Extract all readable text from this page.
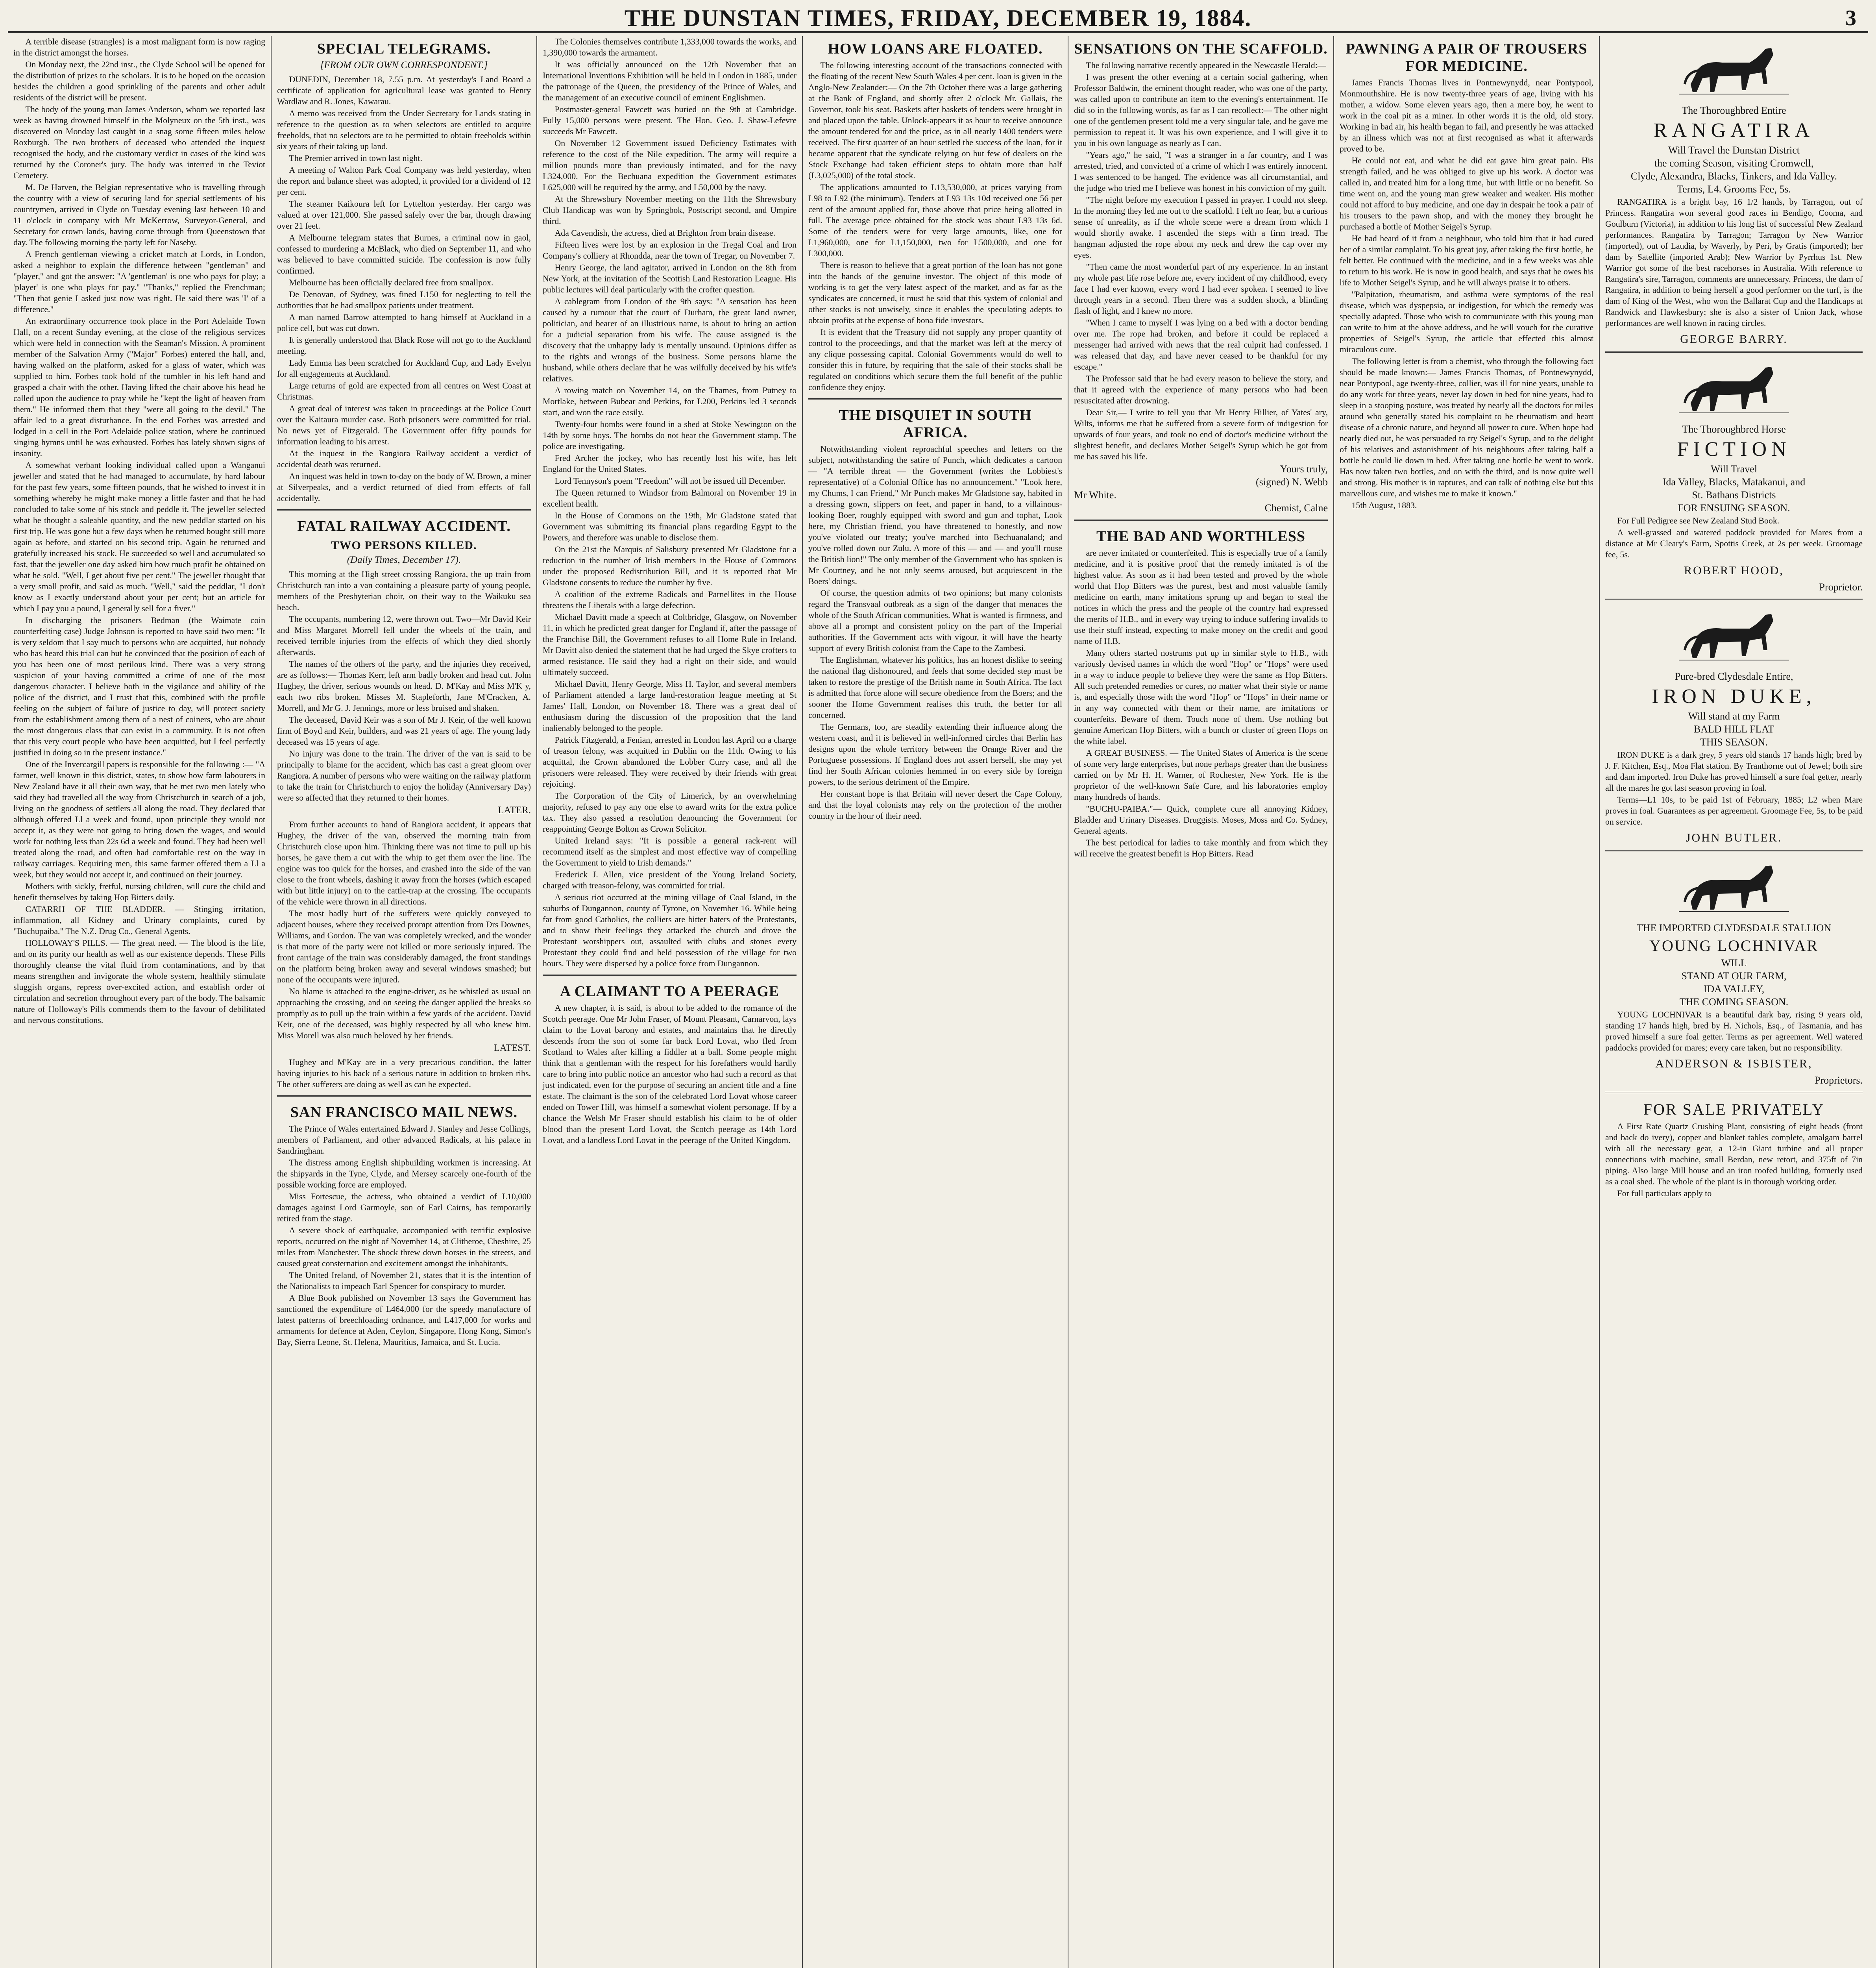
THE DUNSTAN TIMES, FRIDAY, DECEMBER 19, 1884.	3

A terrible disease (strangles) is a most malignant form is now raging in the district amongst the horses.

On Monday next, the 22nd inst., the Clyde School will be opened for the distribution of prizes to the scholars. It is to be hoped on the occasion besides the children a good sprinkling of the parents and other adult residents of the district will be present.

The body of the young man James Anderson, whom we reported last week as having drowned himself in the Molyneux on the 5th inst., was discovered on Monday last caught in a snag some fifteen miles below Roxburgh. The two brothers of deceased who attended the inquest recognised the body, and the customary verdict in cases of the kind was returned by the Coroner's jury. The body was interred in the Teviot Cemetery.

M. De Harven, the Belgian representative who is travelling through the country with a view of securing land for special settlements of his countrymen, arrived in Clyde on Tuesday evening last between 10 and 11 o'clock in company with Mr McKerrow, Surveyor-General, and Secretary for crown lands, having come through from Queenstown that day. The following morning the party left for Naseby.

A French gentleman viewing a cricket match at Lords, in London, asked a neighbor to explain the difference between "gentleman" and "player," and got the answer: "A 'gentleman' is one who pays for play; a 'player' is one who plays for pay." "Thanks," replied the Frenchman; "Then that genie I asked just now was right. He said there was 'I' of a difference."

An extraordinary occurrence took place in the Port Adelaide Town Hall, on a recent Sunday evening, at the close of the religious services which were held in connection with the Seaman's Mission. A prominent member of the Salvation Army ("Major" Forbes) entered the hall, and, having walked on the platform, asked for a glass of water, which was supplied to him. Forbes took hold of the tumbler in his left hand and grasped a chair with the other. Having lifted the chair above his head he called upon the audience to pray while he "kept the light of heaven from them." He informed them that they "were all going to the devil." The affair led to a great disturbance. In the end Forbes was arrested and lodged in a cell in the Port Adelaide police station, where he continued singing hymns until he was exhausted. Forbes has lately shown signs of insanity.

A somewhat verbant looking individual called upon a Wanganui jeweller and stated that he had managed to accumulate, by hard labour for the past few years, some fifteen pounds, that he wished to invest it in something whereby he might make money a little faster and that he had concluded to take some of his stock and peddle it. The jeweller selected what he thought a saleable quantity, and the new peddlar started on his first trip. He was gone but a few days when he returned bought still more again as before, and started on his second trip. Again he returned and gratefully increased his stock. He succeeded so well and accumulated so fast, that the jeweller one day asked him how much profit he obtained on what he sold. "Well, I get about five per cent." The jeweller thought that a very small profit, and said as much. "Well," said the peddlar, "I don't know as I exactly understand about your per cent; but an article for which I pay you a pound, I generally sell for a fiver."

In discharging the prisoners Bedman (the Waimate coin counterfeiting case) Judge Johnson is reported to have said two men: "It is very seldom that I say much to persons who are acquitted, but nobody who has heard this trial can but be convinced that the position of each of you has been one of most perilous kind. There was a very strong suspicion of your having committed a crime of one of the most dangerous character. I believe both in the vigilance and ability of the police of the district, and I trust that this, combined with the profile feeling on the subject of failure of justice to day, will protect society from the establishment among them of a nest of coiners, who are about the most dangerous class that can exist in a community. It is not often that this very court people who have been acquitted, but I feel perfectly justified in doing so in the present instance."

One of the Invercargill papers is responsible for the following :— "A farmer, well known in this district, states, to show how farm labourers in New Zealand have it all their own way, that he met two men lately who said they had travelled all the way from Christchurch in search of a job, living on the goodness of settlers all along the road. They declared that although offered Ll a week and found, upon principle they would not accept it, as they were not going to bring down the wages, and would work for nothing less than 22s 6d a week and found. They had been well treated along the road, and often had comfortable rest on the way in railway carriages. Requiring men, this same farmer offered them a Ll a week, but they would not accept it, and continued on their journey.

Mothers with sickly, fretful, nursing children, will cure the child and benefit themselves by taking Hop Bitters daily.

CATARRH OF THE BLADDER. — Stinging irritation, inflammation, all Kidney and Urinary complaints, cured by "Buchupaiba." The N.Z. Drug Co., General Agents.

HOLLOWAY'S PILLS. — The great need. — The blood is the life, and on its purity our health as well as our existence depends. These Pills thoroughly cleanse the vital fluid from contaminations, and by that means strengthen and invigorate the whole system, healthily stimulate sluggish organs, repress over-excited action, and establish order of circulation and secretion throughout every part of the body. The balsamic nature of Holloway's Pills commends them to the favour of debilitated and nervous constitutions.

SPECIAL TELEGRAMS.
[FROM OUR OWN CORRESPONDENT.]

DUNEDIN, December 18, 7.55 p.m. At yesterday's Land Board a certificate of application for agricultural lease was granted to Henry Wardlaw and R. Jones, Kawarau.

A memo was received from the Under Secretary for Lands stating in reference to the question as to when selectors are entitled to acquire freeholds, that no selectors are to be permitted to obtain freeholds within six years of their taking up land.

The Premier arrived in town last night.

A meeting of Walton Park Coal Company was held yesterday, when the report and balance sheet was adopted, it provided for a dividend of 12 per cent.

The steamer Kaikoura left for Lyttelton yesterday. Her cargo was valued at over 121,000. She passed safely over the bar, though drawing over 21 feet.

A Melbourne telegram states that Burnes, a criminal now in gaol, confessed to murdering a McBlack, who died on September 11, and who was believed to have committed suicide. The confession is now fully confirmed.

Melbourne has been officially declared free from smallpox.

De Denovan, of Sydney, was fined L150 for neglecting to tell the authorities that he had smallpox patients under treatment.

A man named Barrow attempted to hang himself at Auckland in a police cell, but was cut down.

It is generally understood that Black Rose will not go to the Auckland meeting.

Lady Emma has been scratched for Auckland Cup, and Lady Evelyn for all engagements at Auckland.

Large returns of gold are expected from all centres on West Coast at Christmas.

A great deal of interest was taken in proceedings at the Police Court over the Kaitaura murder case. Both prisoners were committed for trial. No news yet of Fitzgerald. The Government offer fifty pounds for information leading to his arrest.

At the inquest in the Rangiora Railway accident a verdict of accidental death was returned.

An inquest was held in town to-day on the body of W. Brown, a miner at Silverpeaks, and a verdict returned of died from effects of fall accidentally.

FATAL RAILWAY ACCIDENT.
TWO PERSONS KILLED.
(Daily Times, December 17).

This morning at the High street crossing Rangiora, the up train from Christchurch ran into a van containing a pleasure party of young people, members of the Presbyterian choir, on their way to the Waikuku sea beach.

The occupants, numbering 12, were thrown out. Two—Mr David Keir and Miss Margaret Morrell fell under the wheels of the train, and received terrible injuries from the effects of which they died shortly afterwards.

The names of the others of the party, and the injuries they received, are as follows:— Thomas Kerr, left arm badly broken and head cut. John Hughey, the driver, serious wounds on head. D. M'Kay and Miss M'K y, each two ribs broken. Misses M. Stapleforth, Jane M'Cracken, A. Morrell, and Mr G. J. Jennings, more or less bruised and shaken.

The deceased, David Keir was a son of Mr J. Keir, of the well known firm of Boyd and Keir, builders, and was 21 years of age. The young lady deceased was 15 years of age.

No injury was done to the train. The driver of the van is said to be principally to blame for the accident, which has cast a great gloom over Rangiora. A number of persons who were waiting on the railway platform to take the train for Christchurch to enjoy the holiday (Anniversary Day) were so affected that they returned to their homes.

LATER.

From further accounts to hand of Rangiora accident, it appears that Hughey, the driver of the van, observed the morning train from Christchurch close upon him. Thinking there was not time to pull up his horses, he gave them a cut with the whip to get them over the line. The engine was too quick for the horses, and crashed into the side of the van close to the front wheels, dashing it away from the horses (which escaped with but little injury) on to the cattle-trap at the crossing. The occupants of the vehicle were thrown in all directions.

The most badly hurt of the sufferers were quickly conveyed to adjacent houses, where they received prompt attention from Drs Downes, Williams, and Gordon. The van was completely wrecked, and the wonder is that more of the party were not killed or more seriously injured. The front carriage of the train was considerably damaged, the front standings on the platform being broken away and several windows smashed; but none of the occupants were injured.

No blame is attached to the engine-driver, as he whistled as usual on approaching the crossing, and on seeing the danger applied the breaks so promptly as to pull up the train within a few yards of the accident. David Keir, one of the deceased, was highly respected by all who knew him. Miss Morell was also much beloved by her friends.

LATEST.

Hughey and M'Kay are in a very precarious condition, the latter having injuries to his back of a serious nature in addition to broken ribs. The other sufferers are doing as well as can be expected.

SAN FRANCISCO MAIL NEWS.

The Prince of Wales entertained Edward J. Stanley and Jesse Collings, members of Parliament, and other advanced Radicals, at his palace in Sandringham.

The distress among English shipbuilding workmen is increasing. At the shipyards in the Tyne, Clyde, and Mersey scarcely one-fourth of the possible working force are employed.

Miss Fortescue, the actress, who obtained a verdict of L10,000 damages against Lord Garmoyle, son of Earl Cairns, has temporarily retired from the stage.

A severe shock of earthquake, accompanied with terrific explosive reports, occurred on the night of November 14, at Clitheroe, Cheshire, 25 miles from Manchester. The shock threw down horses in the streets, and caused great consternation and excitement amongst the inhabitants.

The United Ireland, of November 21, states that it is the intention of the Nationalists to impeach Earl Spencer for conspiracy to murder.

A Blue Book published on November 13 says the Government has sanctioned the expenditure of L464,000 for the speedy manufacture of latest patterns of breechloading ordnance, and L417,000 for works and armaments for defence at Aden, Ceylon, Singapore, Hong Kong, Simon's Bay, Sierra Leone, St. Helena, Mauritius, Jamaica, and St. Lucia.

The Colonies themselves contribute 1,333,000 towards the works, and 1,390,000 towards the armament.

It was officially announced on the 12th November that an International Inventions Exhibition will be held in London in 1885, under the patronage of the Queen, the presidency of the Prince of Wales, and the management of an executive council of eminent Englishmen.

Postmaster-general Fawcett was buried on the 9th at Cambridge. Fully 15,000 persons were present. The Hon. Geo. J. Shaw-Lefevre succeeds Mr Fawcett.

On November 12 Government issued Deficiency Estimates with reference to the cost of the Nile expedition. The army will require a million pounds more than previously intimated, and for the navy L324,000. For the Bechuana expedition the Government estimates L625,000 will be required by the army, and L50,000 by the navy.

At the Shrewsbury November meeting on the 11th the Shrewsbury Club Handicap was won by Springbok, Postscript second, and Umpire third.

Ada Cavendish, the actress, died at Brighton from brain disease.

Fifteen lives were lost by an explosion in the Tregal Coal and Iron Company's colliery at Rhondda, near the town of Tregar, on November 7.

Henry George, the land agitator, arrived in London on the 8th from New York, at the invitation of the Scottish Land Restoration League. His public lectures will deal particularly with the crofter question.

A cablegram from London of the 9th says: "A sensation has been caused by a rumour that the court of Durham, the great land owner, politician, and bearer of an illustrious name, is about to bring an action for a judicial separation from his wife. The cause assigned is the discovery that the unhappy lady is mentally unsound. Opinions differ as to the rights and wrongs of the business. Some persons blame the husband, while others declare that he was wilfully deceived by his wife's relatives.

A rowing match on November 14, on the Thames, from Putney to Mortlake, between Bubear and Perkins, for L200, Perkins led 3 seconds start, and won the race easily.

Twenty-four bombs were found in a shed at Stoke Newington on the 14th by some boys. The bombs do not bear the Government stamp. The police are investigating.

Fred Archer the jockey, who has recently lost his wife, has left England for the United States.

Lord Tennyson's poem "Freedom" will not be issued till December.

The Queen returned to Windsor from Balmoral on November 19 in excellent health.

In the House of Commons on the 19th, Mr Gladstone stated that Government was submitting its financial plans regarding Egypt to the Powers, and therefore was unable to disclose them.

On the 21st the Marquis of Salisbury presented Mr Gladstone for a reduction in the number of Irish members in the House of Commons under the proposed Redistribution Bill, and it is reported that Mr Gladstone consents to reduce the number by five.

A coalition of the extreme Radicals and Parnellites in the House threatens the Liberals with a large defection.

Michael Davitt made a speech at Coltbridge, Glasgow, on November 11, in which he predicted great danger for England if, after the passage of the Franchise Bill, the Government refuses to all Home Rule in Ireland. Mr Davitt also denied the statement that he had urged the Skye crofters to armed resistance. He said they had a right on their side, and would ultimately succeed.

Michael Davitt, Henry George, Miss H. Taylor, and several members of Parliament attended a large land-restoration league meeting at St James' Hall, London, on November 18. There was a great deal of enthusiasm during the discussion of the proposition that the land inalienably belonged to the people.

Patrick Fitzgerald, a Fenian, arrested in London last April on a charge of treason felony, was acquitted in Dublin on the 11th. Owing to his acquittal, the Crown abandoned the Lobber Curry case, and all the prisoners were released. They were received by their friends with great rejoicing.

The Corporation of the City of Limerick, by an overwhelming majority, refused to pay any one else to award writs for the extra police tax. They also passed a resolution denouncing the Government for reappointing George Bolton as Crown Solicitor.

United Ireland says: "It is possible a general rack-rent will recommend itself as the simplest and most effective way of compelling the Government to yield to Irish demands."

Frederick J. Allen, vice president of the Young Ireland Society, charged with treason-felony, was committed for trial.

A serious riot occurred at the mining village of Coal Island, in the suburbs of Dungannon, county of Tyrone, on November 16. While being far from good Catholics, the colliers are bitter haters of the Protestants, and to show their feelings they attacked the church and drove the Protestant worshippers out, assaulted with clubs and stones every Protestant they could find and held possession of the village for two hours. They were dispersed by a police force from Dungannon.

A CLAIMANT TO A PEERAGE

A new chapter, it is said, is about to be added to the romance of the Scotch peerage. One Mr John Fraser, of Mount Pleasant, Carnarvon, lays claim to the Lovat barony and estates, and maintains that he directly descends from the son of some far back Lord Lovat, who fled from Scotland to Wales after killing a fiddler at a ball. Some people might think that a gentleman with the respect for his forefathers would hardly care to bring into public notice an ancestor who had such a record as that just indicated, even for the purpose of securing an ancient title and a fine estate. The claimant is the son of the celebrated Lord Lovat whose career ended on Tower Hill, was himself a somewhat violent personage. If by a chance the Welsh Mr Fraser should establish his claim to be of older blood than the present Lord Lovat, the Scotch peerage as 14th Lord Lovat, and a landless Lord Lovat in the peerage of the United Kingdom.

HOW LOANS ARE FLOATED.

The following interesting account of the transactions connected with the floating of the recent New South Wales 4 per cent. loan is given in the Anglo-New Zealander:— On the 7th October there was a large gathering at the Bank of England, and shortly after 2 o'clock Mr. Gallais, the Governor, took his seat. Baskets after baskets of tenders were brought in and placed upon the table. Unlock-appears it as hour to receive announce the amount tendered for and the price, as in all nearly 1400 tenders were received. The first quarter of an hour settled the success of the loan, for it became apparent that the syndicate relying on but few of dealers on the Stock Exchange had taken efficient steps to obtain more than half (L3,025,000) of the total stock.

The applications amounted to L13,530,000, at prices varying from L98 to L92 (the minimum). Tenders at L93 13s 10d received one 56 per cent of the amount applied for, those above that price being allotted in full. The average price obtained for the stock was about L93 13s 6d. Some of the tenders were for very large amounts, like, one for L1,960,000, one for L1,150,000, two for L500,000, and one for L300,000.

There is reason to believe that a great portion of the loan has not gone into the hands of the genuine investor. The object of this mode of working is to get the very latest aspect of the market, and as far as the syndicates are concerned, it must be said that this system of colonial and other stocks is not unwisely, since it enables the speculating adepts to obtain profits at the expense of bona fide investors.

It is evident that the Treasury did not supply any proper quantity of control to the proceedings, and that the market was left at the mercy of any clique possessing capital. Colonial Governments would do well to consider this in future, by requiring that the sale of their stocks shall be regulated on conditions which secure them the full benefit of the public confidence they enjoy.

THE DISQUIET IN SOUTH AFRICA.

Notwithstanding violent reproachful speeches and letters on the subject, notwithstanding the satire of Punch, which dedicates a cartoon — "A terrible threat — the Government (writes the Lobbiest's representative) of a Colonial Office has no announcement." "Look here, my Chums, I can Friend," Mr Punch makes Mr Gladstone say, habited in a dressing gown, slippers on feet, and paper in hand, to a villainous-looking Boer, roughly equipped with sword and gun and tophat, Look here, my Christian friend, you have threatened to honestly, and now you've violated our treaty; you've marched into Bechuanaland; and you've rolled down our Zulu. A more of this — and — and you'll rouse the British lion!" The only member of the Government who has spoken is Mr Courtney, and he not only seems aroused, but acquiescent in the Boers' doings.

Of course, the question admits of two opinions; but many colonists regard the Transvaal outbreak as a sign of the danger that menaces the whole of the South African communities. What is wanted is firmness, and above all a prompt and consistent policy on the part of the Imperial authorities. If the Government acts with vigour, it will have the hearty support of every British colonist from the Cape to the Zambesi.

The Englishman, whatever his politics, has an honest dislike to seeing the national flag dishonoured, and feels that some decided step must be taken to restore the prestige of the British name in South Africa. The fact is admitted that force alone will secure obedience from the Boers; and the sooner the Home Government realises this truth, the better for all concerned.

The Germans, too, are steadily extending their influence along the western coast, and it is believed in well-informed circles that Berlin has designs upon the whole territory between the Orange River and the Portuguese possessions. If England does not assert herself, she may yet find her South African colonies hemmed in on every side by foreign powers, to the serious detriment of the Empire.

Her constant hope is that Britain will never desert the Cape Colony, and that the loyal colonists may rely on the protection of the mother country in the hour of their need.

SENSATIONS ON THE SCAFFOLD.

The following narrative recently appeared in the Newcastle Herald:—

I was present the other evening at a certain social gathering, when Professor Baldwin, the eminent thought reader, who was one of the party, was called upon to contribute an item to the evening's entertainment. He did so in the following words, as far as I can recollect:— The other night one of the gentlemen present told me a very singular tale, and he gave me permission to repeat it. It was his own experience, and I will give it to you in his own language as nearly as I can.

"Years ago," he said, "I was a stranger in a far country, and I was arrested, tried, and convicted of a crime of which I was entirely innocent. I was sentenced to be hanged. The evidence was all circumstantial, and the judge who tried me I believe was honest in his conviction of my guilt.

"The night before my execution I passed in prayer. I could not sleep. In the morning they led me out to the scaffold. I felt no fear, but a curious sense of unreality, as if the whole scene were a dream from which I would shortly awake. I ascended the steps with a firm tread. The hangman adjusted the rope about my neck and drew the cap over my eyes.

"Then came the most wonderful part of my experience. In an instant my whole past life rose before me, every incident of my childhood, every face I had ever known, every word I had ever spoken. I seemed to live through years in a second. Then there was a sudden shock, a blinding flash of light, and I knew no more.

"When I came to myself I was lying on a bed with a doctor bending over me. The rope had broken, and before it could be replaced a messenger had arrived with news that the real culprit had confessed. I was released that day, and have never ceased to be thankful for my escape."

The Professor said that he had every reason to believe the story, and that it agreed with the experience of many persons who had been resuscitated after drowning.

Dear Sir,— I write to tell you that Mr Henry Hillier, of Yates' ary, Wilts, informs me that he suffered from a severe form of indigestion for upwards of four years, and took no end of doctor's medicine without the slightest benefit, and declares Mother Seigel's Syrup which he got from me has saved his life.

Yours truly,
(signed) N. Webb
Mr White.
Chemist, Calne
THE BAD AND WORTHLESS

are never imitated or counterfeited. This is especially true of a family medicine, and it is positive proof that the remedy imitated is of the highest value. As soon as it had been tested and proved by the whole world that Hop Bitters was the purest, best and most valuable family medicine on earth, many imitations sprung up and began to steal the notices in which the press and the people of the country had expressed the merits of H.B., and in every way trying to induce suffering invalids to use their stuff instead, expecting to make money on the credit and good name of H.B.

Many others started nostrums put up in similar style to H.B., with variously devised names in which the word "Hop" or "Hops" were used in a way to induce people to believe they were the same as Hop Bitters. All such pretended remedies or cures, no matter what their style or name is, and especially those with the word "Hop" or "Hops" in their name or in any way connected with them or their name, are imitations or counterfeits. Beware of them. Touch none of them. Use nothing but genuine American Hop Bitters, with a bunch or cluster of green Hops on the white label.

A GREAT BUSINESS. — The United States of America is the scene of some very large enterprises, but none perhaps greater than the business carried on by Mr H. H. Warner, of Rochester, New York. He is the proprietor of the well-known Safe Cure, and his laboratories employ many hundreds of hands.

"BUCHU-PAIBA."— Quick, complete cure all annoying Kidney, Bladder and Urinary Diseases. Druggists. Moses, Moss and Co. Sydney, General agents.

The best periodical for ladies to take monthly and from which they will receive the greatest benefit is Hop Bitters. Read

PAWNING A PAIR OF TROUSERS FOR MEDICINE.

James Francis Thomas lives in Pontnewynydd, near Pontypool, Monmouthshire. He is now twenty-three years of age, living with his mother, a widow. Some eleven years ago, then a mere boy, he went to work in the coal pit as a miner. In other words it is the old, old story. Working in bad air, his health began to fail, and presently he was attacked by an illness which was not at first recognised as what it afterwards proved to be.

He could not eat, and what he did eat gave him great pain. His strength failed, and he was obliged to give up his work. A doctor was called in, and treated him for a long time, but with little or no benefit. So time went on, and the young man grew weaker and weaker. His mother could not afford to buy medicine, and one day in despair he took a pair of his trousers to the pawn shop, and with the money they brought he purchased a bottle of Mother Seigel's Syrup.

He had heard of it from a neighbour, who told him that it had cured her of a similar complaint. To his great joy, after taking the first bottle, he felt better. He continued with the medicine, and in a few weeks was able to return to his work. He is now in good health, and says that he owes his life to Mother Seigel's Syrup, and he will always praise it to others.

"Palpitation, rheumatism, and asthma were symptoms of the real disease, which was dyspepsia, or indigestion, for which the remedy was specially adapted. Those who wish to communicate with this young man can write to him at the above address, and he will vouch for the curative properties of Seigel's Syrup, the article that effected this almost miraculous cure.

The following letter is from a chemist, who through the following fact should be made known:— James Francis Thomas, of Pontnewynydd, near Pontypool, age twenty-three, collier, was ill for nine years, unable to do any work for three years, never lay down in bed for nine years, had to sleep in a stooping posture, was treated by nearly all the doctors for miles around who generally stated his complaint to be rheumatism and heart disease of a chronic nature, and beyond all power to cure. When hope had nearly died out, he was persuaded to try Seigel's Syrup, and to the delight of his relatives and astonishment of his neighbours after taking half a bottle he could lie down in bed. After taking one bottle he went to work. Has now taken two bottles, and on with the third, and is now quite well and strong. His mother is in raptures, and can talk of nothing else but this marvellous cure, and wishes me to make it known."

15th August, 1883.

The Thoroughbred Entire
RANGATIRA
Will Travel the Dunstan District
the coming Season, visiting Cromwell,
Clyde, Alexandra, Blacks, Tinkers, and Ida Valley.
Terms, L4. Grooms Fee, 5s.

RANGATIRA is a bright bay, 16 1/2 hands, by Tarragon, out of Princess. Rangatira won several good races in Bendigo, Cooma, and Goulburn (Victoria), in addition to his long list of successful New Zealand performances. Rangatira by Tarragon; Tarragon by New Warrior (imported), out of Laudia, by Waverly, by Peri, by Gratis (imported); her dam by Satellite (imported Arab); New Warrior by Pyrrhus 1st. New Warrior got some of the best racehorses in Australia. With reference to Rangatira's sire, Tarragon, comments are unnecessary. Princess, the dam of Rangatira, in addition to being herself a good performer on the turf, is the dam of King of the West, who won the Ballarat Cup and the Handicaps at Randwick and Hawkesbury; she is also a sister of Union Jack, whose performances are well known in racing circles.

GEORGE BARRY.
The Thoroughbred Horse
FICTION
Will Travel
Ida Valley, Blacks, Matakanui, and
St. Bathans Districts
FOR ENSUING SEASON.

For Full Pedigree see New Zealand Stud Book.

A well-grassed and watered paddock provided for Mares from a distance at Mr Cleary's Farm, Spottis Creek, at 2s per week. Groomage fee, 5s.

ROBERT HOOD,
Proprietor.
Pure-bred Clydesdale Entire,
IRON DUKE,
Will stand at my Farm
BALD HILL FLAT
THIS SEASON.

IRON DUKE is a dark grey, 5 years old stands 17 hands high; bred by J. F. Kitchen, Esq., Moa Flat station. By Tranthorne out of Jewel; both sire and dam imported. Iron Duke has proved himself a sure foal getter, nearly all the mares he got last season proving in foal.

Terms—L1 10s, to be paid 1st of February, 1885; L2 when Mare proves in foal. Guarantees as per agreement. Groomage Fee, 5s, to be paid on service.

JOHN BUTLER.
THE IMPORTED CLYDESDALE STALLION
YOUNG LOCHNIVAR
WILL
STAND AT OUR FARM,
IDA VALLEY,
THE COMING SEASON.

YOUNG LOCHNIVAR is a beautiful dark bay, rising 9 years old, standing 17 hands high, bred by H. Nichols, Esq., of Tasmania, and has proved himself a sure foal getter. Terms as per agreement. Well watered paddocks provided for mares; every care taken, but no responsibility.

ANDERSON & ISBISTER,
Proprietors.
FOR SALE PRIVATELY

A First Rate Quartz Crushing Plant, consisting of eight heads (front and back do ivery), copper and blanket tables complete, amalgam barrel with all the necessary gear, a 12-in Giant turbine and all proper connections with machine, small Berdan, new retort, and 375ft of 7in piping. Also large Mill house and an iron roofed building, formerly used as a coal shed. The whole of the plant is in thorough working order.

For full particulars apply to
